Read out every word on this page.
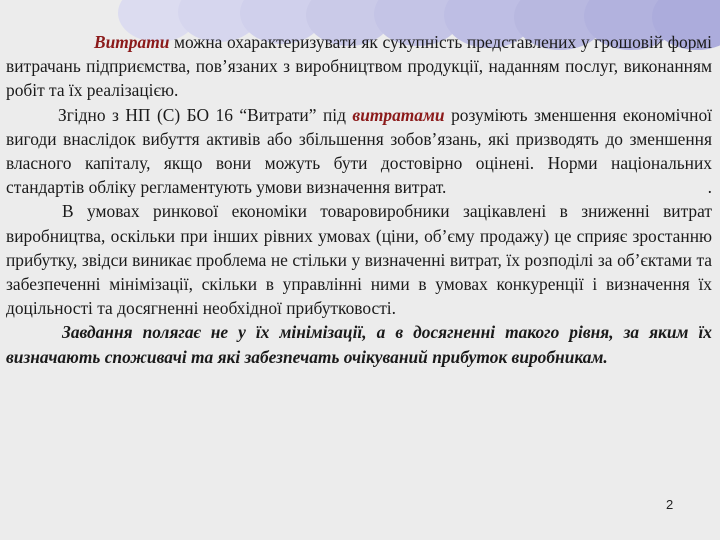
Витрати можна охарактеризувати як сукупність представлених у грошовій формі витрачань підприємства, пов’язаних з виробництвом продукції, наданням послуг, виконанням робіт та їх реалізацією.

Згідно з НП (С) БО 16 “Витрати” під витратами розуміють зменшення економічної вигоди внаслідок вибуття активів або збільшення зобов’язань, які призводять до зменшення власного капіталу, якщо вони можуть бути достовірно оцінені. Норми національних стандартів обліку регламентують умови визначення витрат.	.

В умовах ринкової економіки товаровиробники зацікавлені в зниженні витрат виробництва, оскільки при інших рівних умовах (ціни, об’єму продажу) це сприяє зростанню прибутку, звідси виникає проблема не стільки у визначенні витрат, їх розподілі за об’єктами та забезпеченні мінімізації, скільки в управлінні ними в умовах конкуренції і визначення їх доцільності та досягненні необхідної прибутковості.

Завдання полягає не у їх мінімізації, а в досягненні такого рівня, за яким їх визначають споживачі та які забезпечать очікуваний прибуток виробникам.

2
